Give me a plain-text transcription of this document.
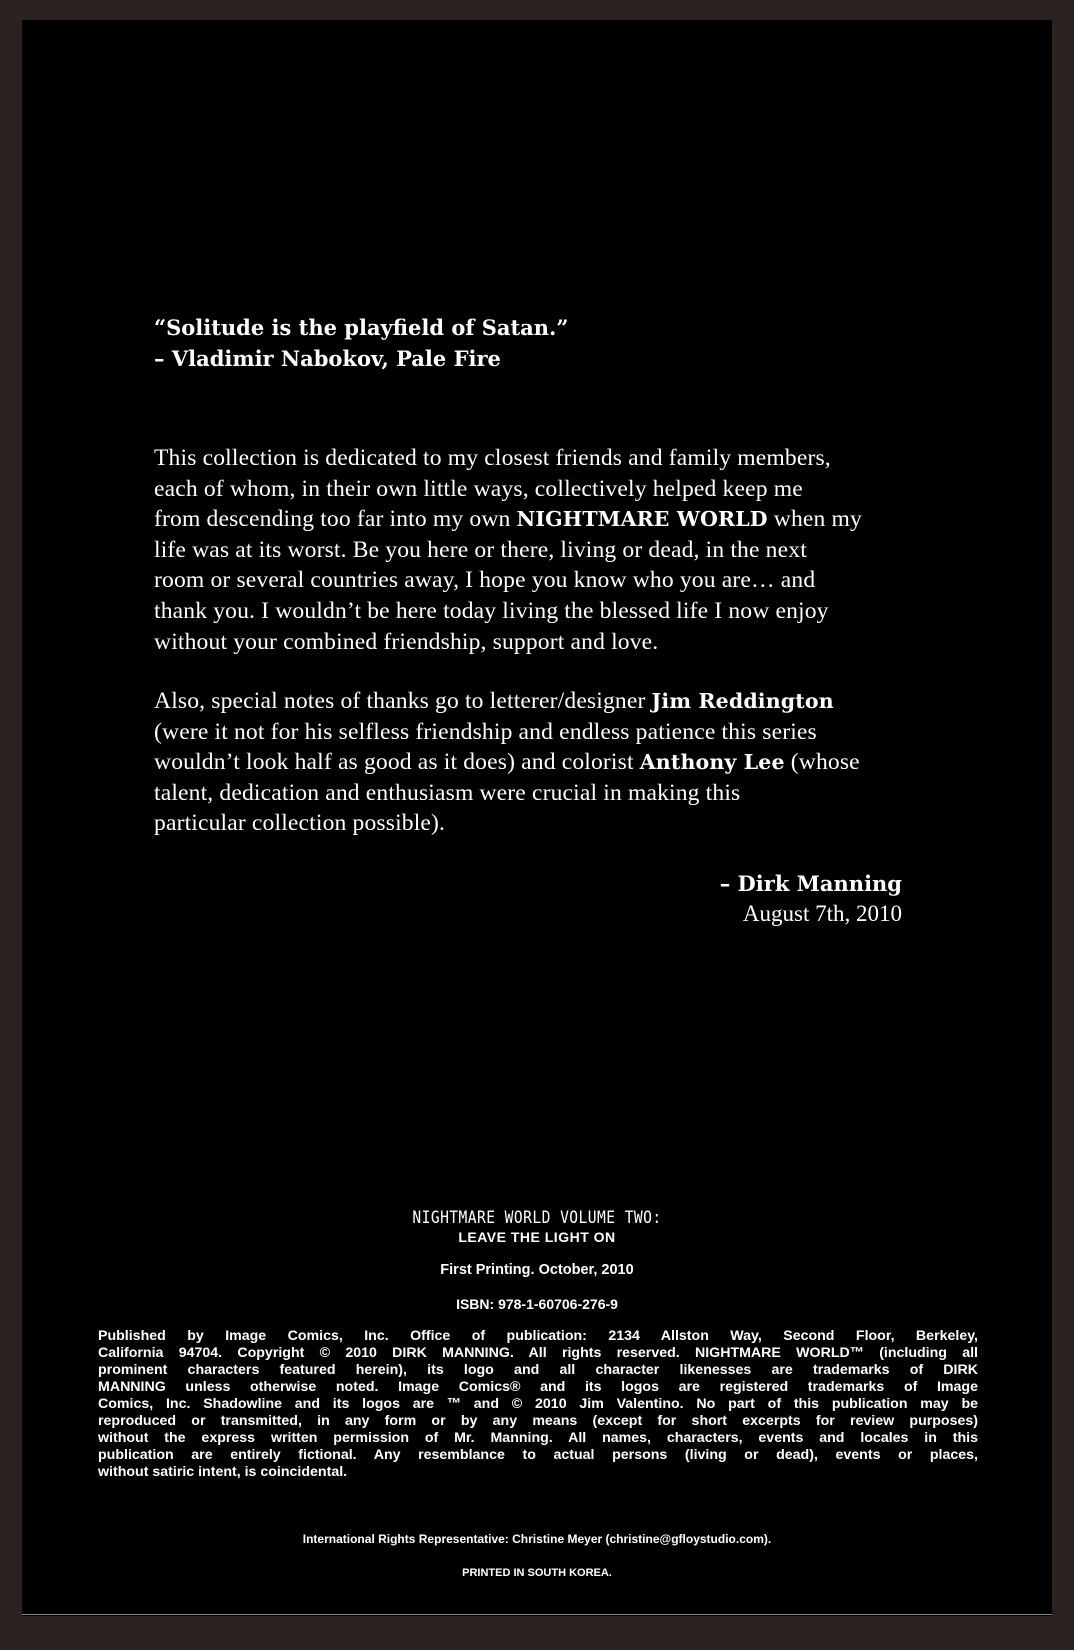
“Solitude is the playfield of Satan.”
– Vladimir Nabokov, Pale Fire
This collection is dedicated to my closest friends and family members,
each of whom, in their own little ways, collectively helped keep me
from descending too far into my own NIGHTMARE WORLD when my
life was at its worst. Be you here or there, living or dead, in the next
room or several countries away, I hope you know who you are… and
thank you. I wouldn’t be here today living the blessed life I now enjoy
without your combined friendship, support and love.
Also, special notes of thanks go to letterer/designer Jim Reddington
(were it not for his selfless friendship and endless patience this series
wouldn’t look half as good as it does) and colorist Anthony Lee (whose
talent, dedication and enthusiasm were crucial in making this
particular collection possible).
– Dirk Manning
August 7th, 2010
NIGHTMARE WORLD VOLUME TWO:
LEAVE THE LIGHT ON
First Printing. October, 2010
ISBN: 978-1-60706-276-9
Published by Image Comics, Inc. Office of publication: 2134 Allston Way, Second Floor, Berkeley,
California 94704. Copyright © 2010 DIRK MANNING. All rights reserved. NIGHTMARE WORLD™ (including all
prominent characters featured herein), its logo and all character likenesses are trademarks of DIRK
MANNING unless otherwise noted. Image Comics® and its logos are registered trademarks of Image
Comics, Inc. Shadowline and its logos are ™ and © 2010 Jim Valentino. No part of this publication may be
reproduced or transmitted, in any form or by any means (except for short excerpts for review purposes)
without the express written permission of Mr. Manning. All names, characters, events and locales in this
publication are entirely fictional. Any resemblance to actual persons (living or dead), events or places,
without satiric intent, is coincidental.
International Rights Representative: Christine Meyer (christine@gfloystudio.com).
PRINTED IN SOUTH KOREA.
